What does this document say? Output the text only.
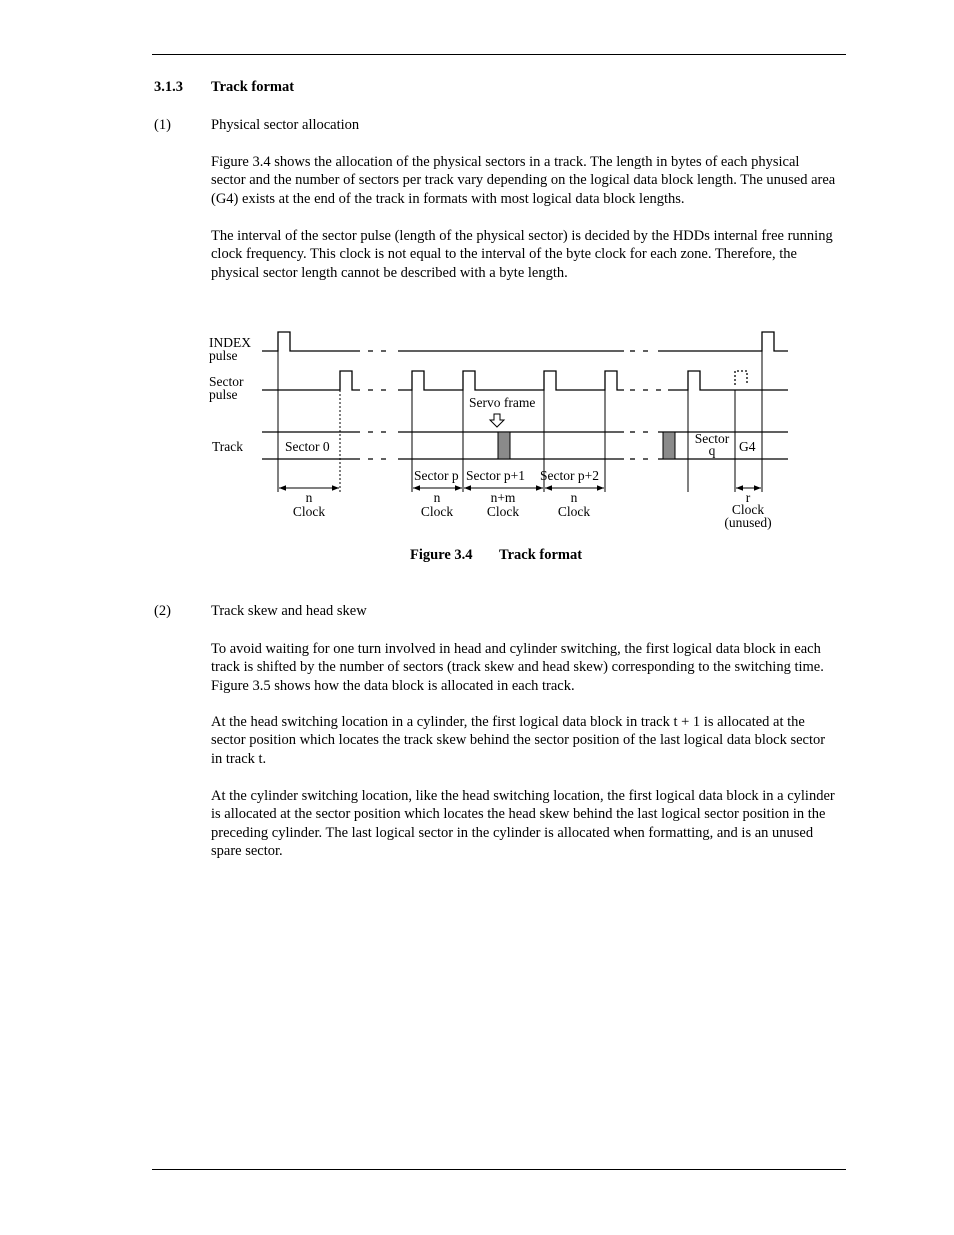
3.1.3 Track format
(1)	Physical sector allocation

Figure 3.4 shows the allocation of the physical sectors in a track. The length in bytes of each physical sector and the number of sectors per track vary depending on the logical data block length. The unused area (G4) exists at the end of the track in formats with most logical data block lengths.

The interval of the sector pulse (length of the physical sector) is decided by the HDDs internal free running clock frequency. This clock is not equal to the interval of the byte clock for each zone. Therefore, the physical sector length cannot be described with a byte length.

INDEX
pulse
Sector
pulse
Track
Servo frame
Sector 0
Sector
q G4
Sector p Sector p+1 Sector p+2
n
Clock
n
Clock
n+m
Clock
n
Clock
r
Clock
(unused)
Figure 3.4 Track format
(2)	Track skew and head skew

To avoid waiting for one turn involved in head and cylinder switching, the first logical data block in each track is shifted by the number of sectors (track skew and head skew) corresponding to the switching time. Figure 3.5 shows how the data block is allocated in each track.

At the head switching location in a cylinder, the first logical data block in track t + 1 is allocated at the sector position which locates the track skew behind the sector position of the last logical data block sector in track t.

At the cylinder switching location, like the head switching location, the first logical data block in a cylinder is allocated at the sector position which locates the head skew behind the last logical sector position in the preceding cylinder. The last logical sector in the cylinder is allocated when formatting, and is an unused spare sector.
